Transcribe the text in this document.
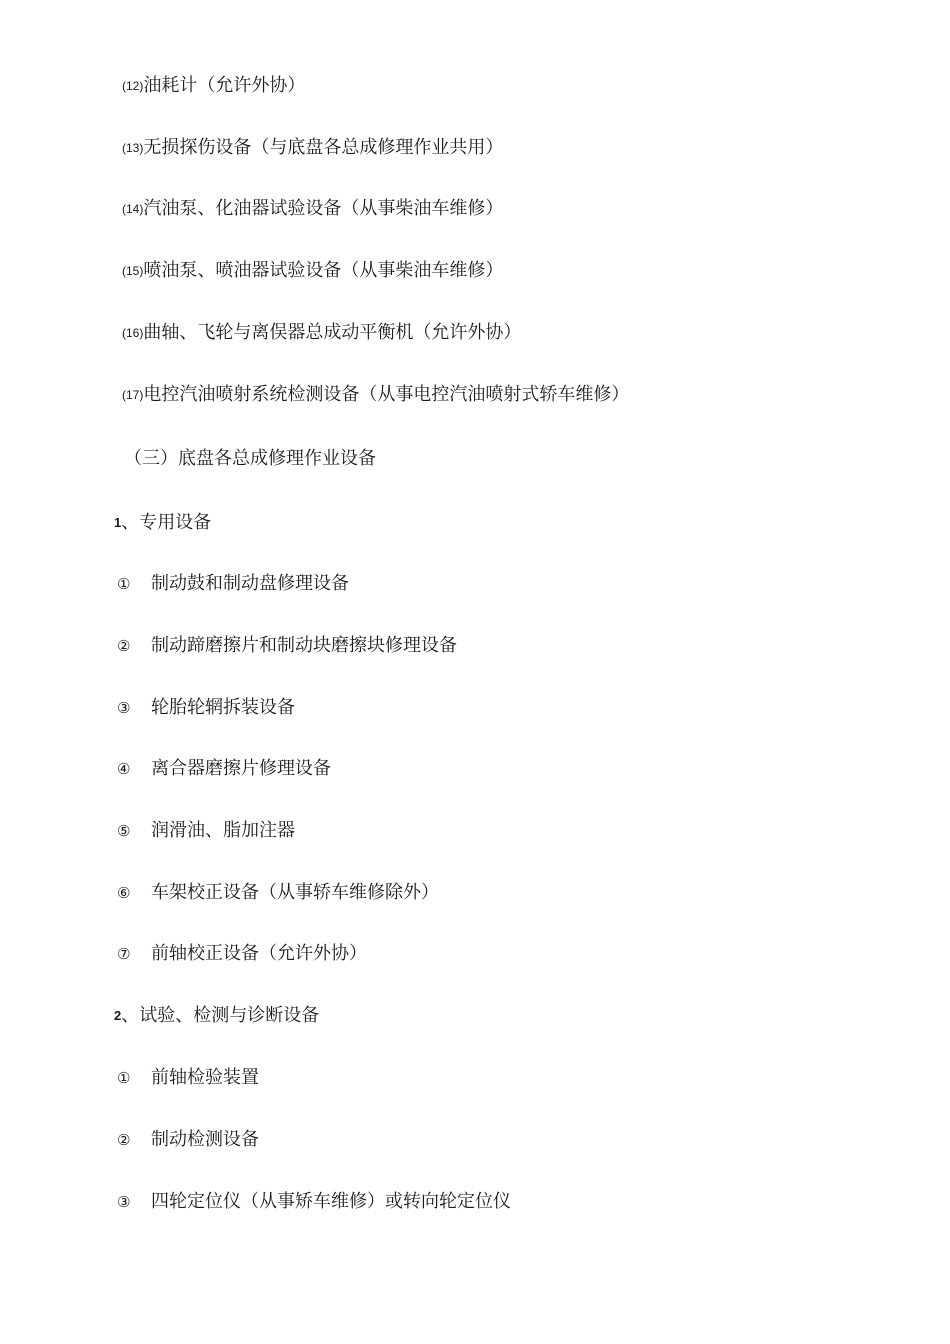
(12)油耗计（允许外协）
(13)无损探伤设备（与底盘各总成修理作业共用）
(14)汽油泵、化油器试验设备（从事柴油车维修）
(15)喷油泵、喷油器试验设备（从事柴油车维修）
(16)曲轴、飞轮与离俣器总成动平衡机（允许外协）
(17)电控汽油喷射系统检测设备（从事电控汽油喷射式轿车维修）
（三）底盘各总成修理作业设备
1、专用设备
① 制动鼓和制动盘修理设备
② 制动蹄磨擦片和制动块磨擦块修理设备
③ 轮胎轮辋拆装设备
④ 离合器磨擦片修理设备
⑤ 润滑油、脂加注器
⑥ 车架校正设备（从事轿车维修除外）
⑦ 前轴校正设备（允许外协）
2、试验、检测与诊断设备
① 前轴检验装置
② 制动检测设备
③ 四轮定位仪（从事矫车维修）或转向轮定位仪
